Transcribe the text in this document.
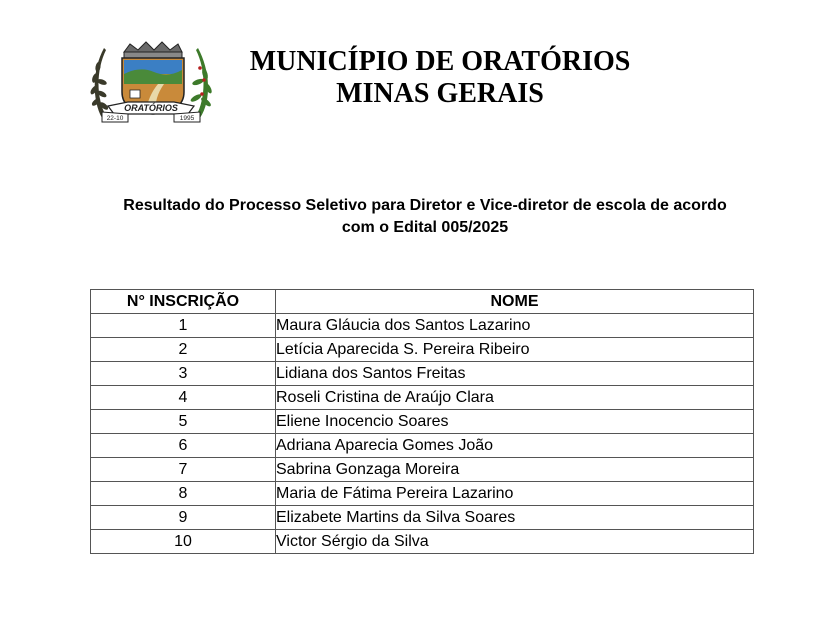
ORATÓRIOS
22-10	1995
MUNICÍPIO DE ORATÓRIOS
MINAS GERAIS
Resultado do Processo Seletivo para Diretor e Vice-diretor de escola de acordo
com o Edital 005/2025
N° INSCRIÇÃO	NOME
1	Maura Gláucia dos Santos Lazarino
2	Letícia Aparecida S. Pereira Ribeiro
3	Lidiana dos Santos Freitas
4	Roseli Cristina de Araújo Clara
5	Eliene Inocencio Soares
6	Adriana Aparecia Gomes João
7	Sabrina Gonzaga Moreira
8	Maria de Fátima Pereira Lazarino
9	Elizabete Martins da Silva Soares
10	Victor Sérgio da Silva
